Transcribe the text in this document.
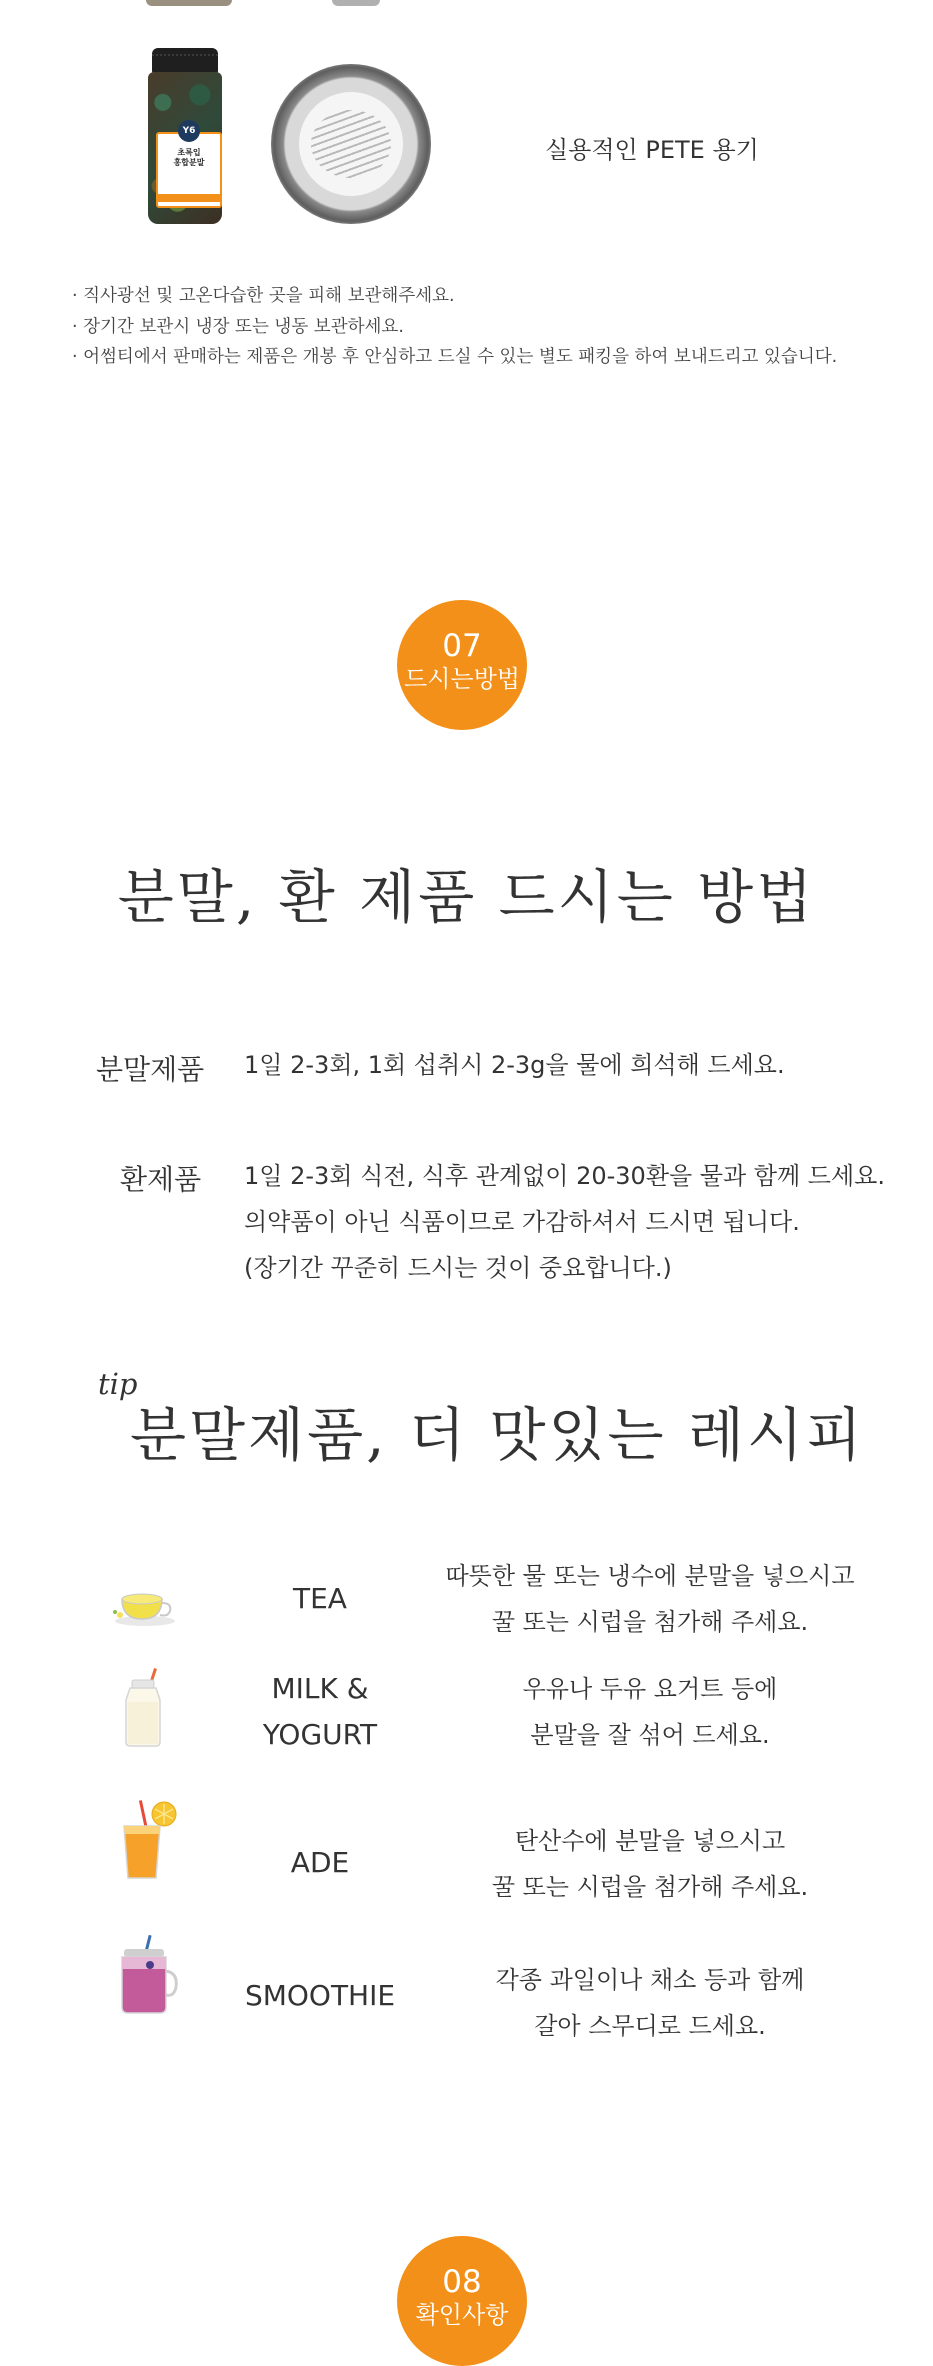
Y6
초록입
홍합분말	실용적인 PETE 용기
· 직사광선 및 고온다습한 곳을 피해 보관해주세요.
· 장기간 보관시 냉장 또는 냉동 보관하세요.
· 어썸티에서 판매하는 제품은 개봉 후 안심하고 드실 수 있는 별도 패킹을 하여 보내드리고 있습니다.
07
드시는방법
분말, 환 제품 드시는 방법
분말제품 1일 2-3회, 1회 섭취시 2-3g을 물에 희석해 드세요.
환제품 1일 2-3회 식전, 식후 관계없이 20-30환을 물과 함께 드세요.
의약품이 아닌 식품이므로 가감하셔서 드시면 됩니다.
(장기간 꾸준히 드시는 것이 중요합니다.)
tip
분말제품, 더 맛있는 레시피
TEA
따뜻한 물 또는 냉수에 분말을 넣으시고
꿀 또는 시럽을 첨가해 주세요.
MILK &
YOGURT
우유나 두유 요거트 등에
분말을 잘 섞어 드세요.
ADE
탄산수에 분말을 넣으시고
꿀 또는 시럽을 첨가해 주세요.
SMOOTHIE	각종 과일이나 채소 등과 함께
갈아 스무디로 드세요.
08
확인사항
